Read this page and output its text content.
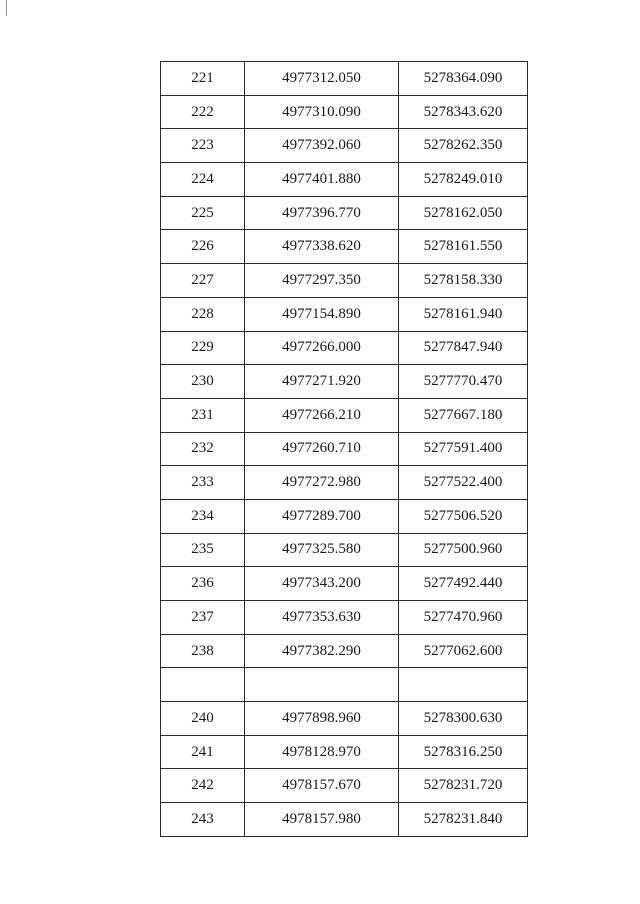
221	4977312.050	5278364.090
222	4977310.090	5278343.620
223	4977392.060	5278262.350
224	4977401.880	5278249.010
225	4977396.770	5278162.050
226	4977338.620	5278161.550
227	4977297.350	5278158.330
228	4977154.890	5278161.940
229	4977266.000	5277847.940
230	4977271.920	5277770.470
231	4977266.210	5277667.180
232	4977260.710	5277591.400
233	4977272.980	5277522.400
234	4977289.700	5277506.520
235	4977325.580	5277500.960
236	4977343.200	5277492.440
237	4977353.630	5277470.960
238	4977382.290	5277062.600

240	4977898.960	5278300.630
241	4978128.970	5278316.250
242	4978157.670	5278231.720
243	4978157.980	5278231.840
